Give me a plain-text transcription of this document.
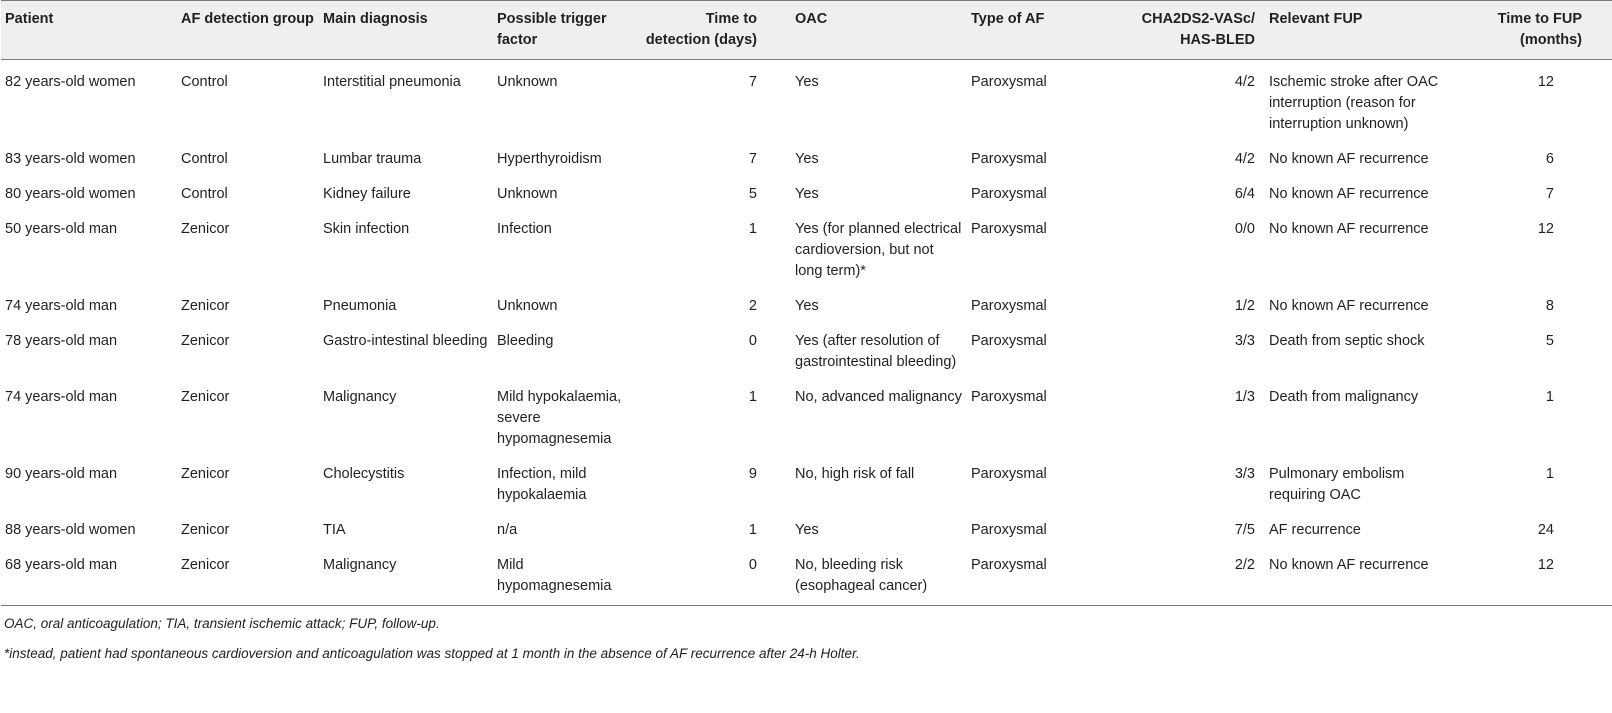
Patient	AF detection group	Main diagnosis	Possible trigger factor	Time to detection (days)	OAC	Type of AF	CHA2DS2-VASc/ HAS-BLED	Relevant FUP	Time to FUP (months)
82 years-old women	Control	Interstitial pneumonia	Unknown	7	Yes	Paroxysmal	4/2	Ischemic stroke after OAC interruption (reason for interruption unknown)	12
83 years-old women	Control	Lumbar trauma	Hyperthyroidism	7	Yes	Paroxysmal	4/2	No known AF recurrence	6
80 years-old women	Control	Kidney failure	Unknown	5	Yes	Paroxysmal	6/4	No known AF recurrence	7
50 years-old man	Zenicor	Skin infection	Infection	1	Yes (for planned electrical cardioversion, but not long term)*	Paroxysmal	0/0	No known AF recurrence	12
74 years-old man	Zenicor	Pneumonia	Unknown	2	Yes	Paroxysmal	1/2	No known AF recurrence	8
78 years-old man	Zenicor	Gastro-intestinal bleeding	Bleeding	0	Yes (after resolution of gastrointestinal bleeding)	Paroxysmal	3/3	Death from septic shock	5
74 years-old man	Zenicor	Malignancy	Mild hypokalaemia, severe hypomagnesemia	1	No, advanced malignancy	Paroxysmal	1/3	Death from malignancy	1
90 years-old man	Zenicor	Cholecystitis	Infection, mild hypokalaemia	9	No, high risk of fall	Paroxysmal	3/3	Pulmonary embolism requiring OAC	1
88 years-old women	Zenicor	TIA	n/a	1	Yes	Paroxysmal	7/5	AF recurrence	24
68 years-old man	Zenicor	Malignancy	Mild hypomagnesemia	0	No, bleeding risk (esophageal cancer)	Paroxysmal	2/2	No known AF recurrence	12

OAC, oral anticoagulation; TIA, transient ischemic attack; FUP, follow-up.

*instead, patient had spontaneous cardioversion and anticoagulation was stopped at 1 month in the absence of AF recurrence after 24-h Holter.
